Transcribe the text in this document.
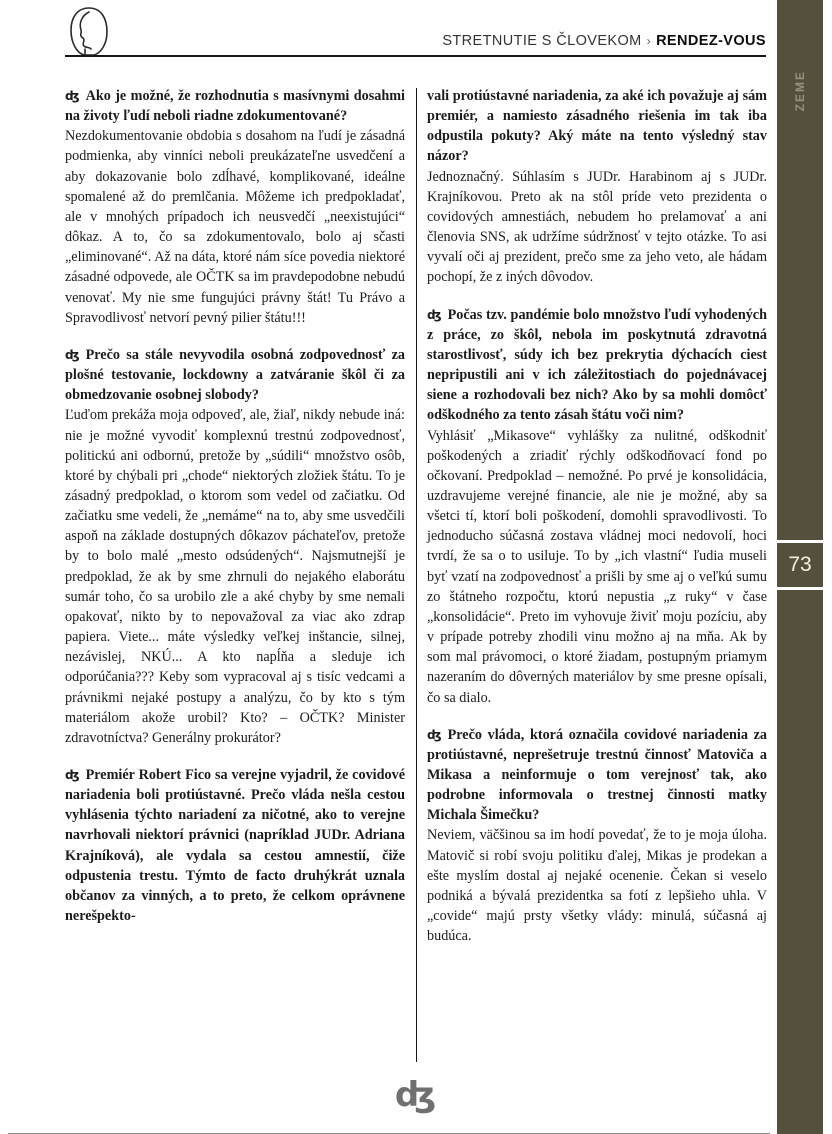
STRETNUTIE S ČLOVEKOM › RENDEZ-VOUS
ZEME
73

ʤ Ako je možné, že rozhodnutia s masívnymi dosahmi na životy ľudí neboli riadne zdokumentované?

Nezdokumentovanie obdobia s dosahom na ľudí je zásadná podmienka, aby vinníci neboli preukázateľne usvedčení a aby dokazovanie bolo zdĺhavé, komplikované, ideálne spomalené až do premlčania. Môžeme ich predpokladať, ale v mnohých prípadoch ich neusvedčí „neexistujúci“ dôkaz. A to, čo sa zdokumentovalo, bolo aj sčasti „eliminované“. Až na dáta, ktoré nám síce povedia niektoré zásadné odpovede, ale OČTK sa im pravdepodobne nebudú venovať. My nie sme fungujúci právny štát! Tu Právo a Spravodlivosť netvorí pevný pilier štátu!!!

ʤ Prečo sa stále nevyvodila osobná zodpovednosť za plošné testovanie, lockdowny a zatváranie škôl či za obmedzovanie osobnej slobody?

Ľuďom prekáža moja odpoveď, ale, žiaľ, nikdy nebude iná: nie je možné vyvodiť komplexnú trestnú zodpovednosť, politickú ani odbornú, pretože by „súdili“ množstvo osôb, ktoré by chýbali pri „chode“ niektorých zložiek štátu. To je zásadný predpoklad, o ktorom som vedel od začiatku. Od začiatku sme vedeli, že „nemáme“ na to, aby sme usvedčili aspoň na základe dostupných dôkazov páchateľov, pretože by to bolo malé „mesto odsúdených“. Najsmutnejší je predpoklad, že ak by sme zhrnuli do nejakého elaborátu sumár toho, čo sa urobilo zle a aké chyby by sme nemali opakovať, nikto by to nepovažoval za viac ako zdrap papiera. Viete... máte výsledky veľkej inštancie, silnej, nezávislej, NKÚ... A kto napĺňa a sleduje ich odporúčania??? Keby som vypracoval aj s tisíc vedcami a právnikmi nejaké postupy a analýzu, čo by kto s tým materiálom akože urobil? Kto? – OČTK? Minister zdravotníctva? Generálny prokurátor?

ʤ Premiér Robert Fico sa verejne vyjadril, že covidové nariadenia boli protiústavné. Prečo vláda nešla cestou vyhlásenia týchto nariadení za ničotné, ako to verejne navrhovali niektorí právnici (napríklad JUDr. Adriana Krajníková), ale vydala sa cestou amnestií, čiže odpustenia trestu. Týmto de facto druhýkrát uznala občanov za vinných, a to preto, že celkom oprávnene nerešpekto-

vali protiústavné nariadenia, za aké ich považuje aj sám premiér, a namiesto zásadného riešenia im tak iba odpustila pokuty? Aký máte na tento výsledný stav názor?

Jednoznačný. Súhlasím s JUDr. Harabinom aj s JUDr. Krajníkovou. Preto ak na stôl príde veto prezidenta o covidových amnestiách, nebudem ho prelamovať a ani členovia SNS, ak udržíme súdržnosť v tejto otázke. To asi vyvalí oči aj prezident, prečo sme za jeho veto, ale hádam pochopí, že z iných dôvodov.

ʤ Počas tzv. pandémie bolo množstvo ľudí vyhodených z práce, zo škôl, nebola im poskytnutá zdravotná starostlivosť, súdy ich bez prekrytia dýchacích ciest nepripustili ani v ich záležitostiach do pojednávacej siene a rozhodovali bez nich? Ako by sa mohli domôcť odškodného za tento zásah štátu voči nim?

Vyhlásiť „Mikasove“ vyhlášky za nulitné, odškodniť poškodených a zriadiť rýchly odškodňovací fond po očkovaní. Predpoklad – nemožné. Po prvé je konsolidácia, uzdravujeme verejné financie, ale nie je možné, aby sa všetci tí, ktorí boli poškodení, domohli spravodlivosti. To jednoducho súčasná zostava vládnej moci nedovolí, hoci tvrdí, že sa o to usiluje. To by „ich vlastní“ ľudia museli byť vzatí na zodpovednosť a prišli by sme aj o veľkú sumu zo štátneho rozpočtu, ktorú nepustia „z ruky“ v čase „konsolidácie“. Preto im vyhovuje živiť moju pozíciu, aby v prípade potreby zhodili vinu možno aj na mňa. Ak by som mal právomoci, o ktoré žiadam, postupným priamym nazeraním do dôverných materiálov by sme presne opísali, čo sa dialo.

ʤ Prečo vláda, ktorá označila covidové nariadenia za protiústavné, neprešetruje trestnú činnosť Matoviča a Mikasa a neinformuje o tom verejnosť tak, ako podrobne informovala o trestnej činnosti matky Michala Šimečku?

Neviem, väčšinou sa im hodí povedať, že to je moja úloha. Matovič si robí svoju politiku ďalej, Mikas je prodekan a ešte myslím dostal aj nejaké ocenenie. Čekan si veselo podniká a bývalá prezidentka sa fotí z lepšieho uhla. V „covide“ majú prsty všetky vlády: minulá, súčasná aj budúca.

ʤ
